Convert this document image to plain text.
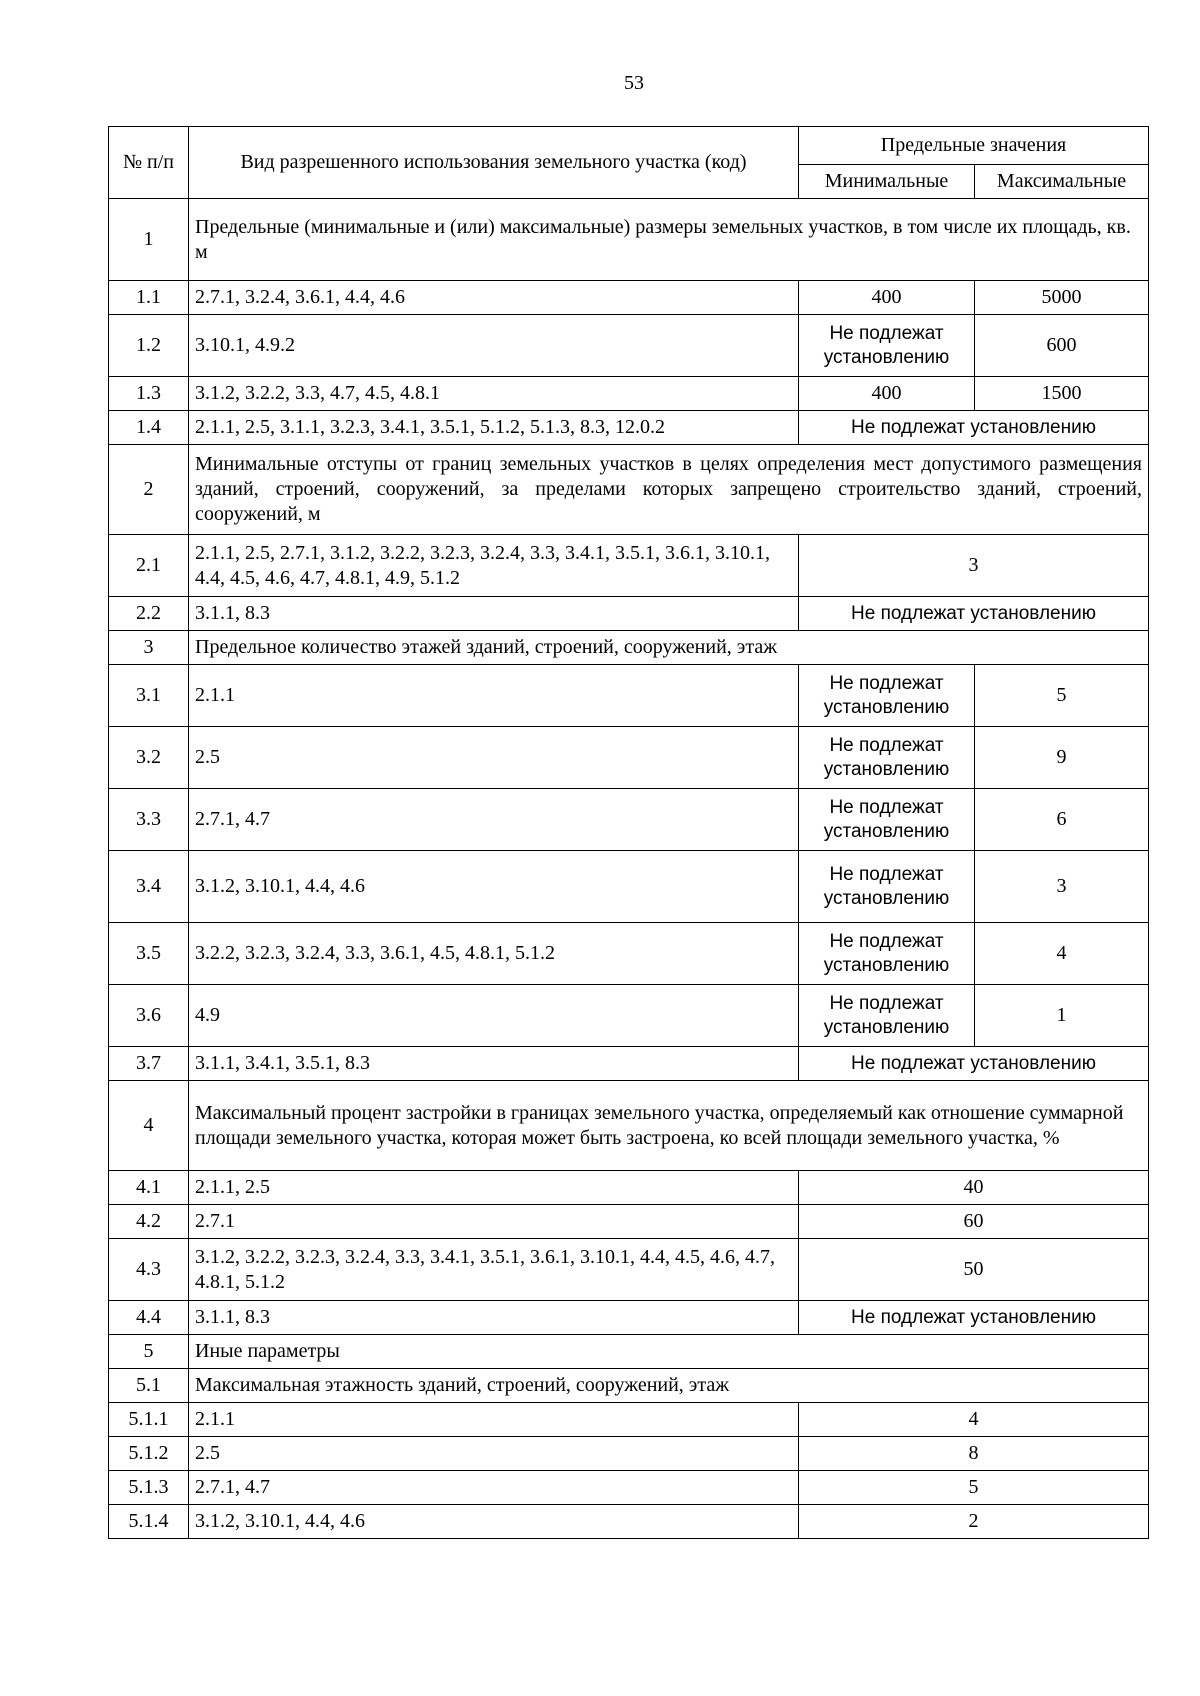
53
№ п/п	Вид разрешенного использования земельного участка (код)	Предельные значения	
		Минимальные	Максимальные
1	Предельные (минимальные и (или) максимальные) размеры земельных участков, в том числе их площадь, кв. м		
1.1	2.7.1, 3.2.4, 3.6.1, 4.4, 4.6	400	5000
1.2	3.10.1, 4.9.2	Не подлежат установлению	600
1.3	3.1.2, 3.2.2, 3.3, 4.7, 4.5, 4.8.1	400	1500
1.4	2.1.1, 2.5, 3.1.1, 3.2.3, 3.4.1, 3.5.1, 5.1.2, 5.1.3, 8.3, 12.0.2	Не подлежат установлению	
2	Минимальные отступы от границ земельных участков в целях определения мест допустимого размещения зданий, строений, сооружений, за пределами которых запрещено строительство зданий, строений, сооружений, м		
2.1	2.1.1, 2.5, 2.7.1, 3.1.2, 3.2.2, 3.2.3, 3.2.4, 3.3, 3.4.1, 3.5.1, 3.6.1, 3.10.1, 4.4, 4.5, 4.6, 4.7, 4.8.1, 4.9, 5.1.2	3	
2.2	3.1.1, 8.3	Не подлежат установлению	
3	Предельное количество этажей зданий, строений, сооружений, этаж		
3.1	2.1.1	Не подлежат установлению	5
3.2	2.5	Не подлежат установлению	9
3.3	2.7.1, 4.7	Не подлежат установлению	6
3.4	3.1.2, 3.10.1, 4.4, 4.6	Не подлежат установлению	3
3.5	3.2.2, 3.2.3, 3.2.4, 3.3, 3.6.1, 4.5, 4.8.1, 5.1.2	Не подлежат установлению	4
3.6	4.9	Не подлежат установлению	1
3.7	3.1.1, 3.4.1, 3.5.1, 8.3	Не подлежат установлению	
4	Максимальный процент застройки в границах земельного участка, определяемый как отношение суммарной площади земельного участка, которая может быть застроена, ко всей площади земельного участка, %		
4.1	2.1.1, 2.5	40	
4.2	2.7.1	60	
4.3	3.1.2, 3.2.2, 3.2.3, 3.2.4, 3.3, 3.4.1, 3.5.1, 3.6.1, 3.10.1, 4.4, 4.5, 4.6, 4.7, 4.8.1, 5.1.2	50	
4.4	3.1.1, 8.3	Не подлежат установлению	
5	Иные параметры		
5.1	Максимальная этажность зданий, строений, сооружений, этаж		
5.1.1	2.1.1	4	
5.1.2	2.5	8	
5.1.3	2.7.1, 4.7	5	
5.1.4	3.1.2, 3.10.1, 4.4, 4.6	2	
